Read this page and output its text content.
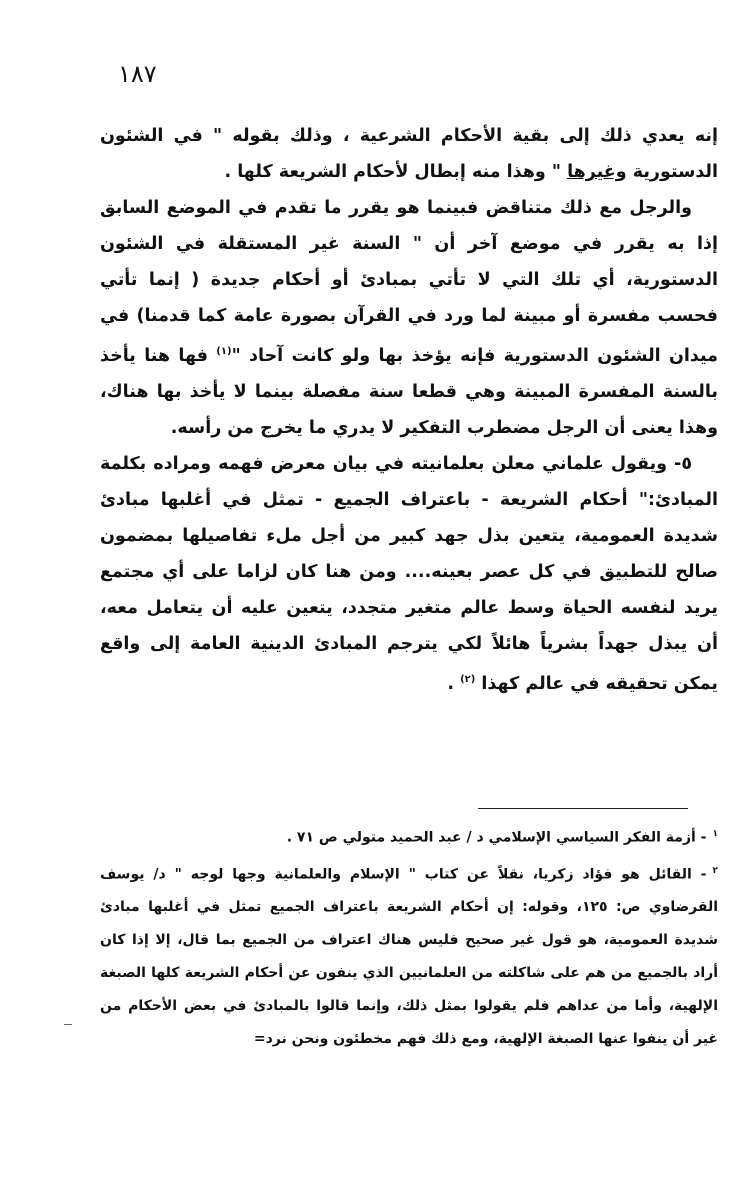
١٨٧

إنه يعدي ذلك إلى بقية الأحكام الشرعية ، وذلك بقوله " في الشئون الدستورية وغيرها " وهذا منه إبطال لأحكام الشريعة كلها .

والرجل مع ذلك متناقض فبينما هو يقرر ما تقدم في الموضع السابق إذا به يقرر في موضع آخر أن " السنة غير المستقلة في الشئون الدستورية، أي تلك التي لا تأتي بمبادئ أو أحكام جديدة ( إنما تأتي فحسب مفسرة أو مبينة لما ورد في القرآن بصورة عامة كما قدمنا) في ميدان الشئون الدستورية فإنه يؤخذ بها ولو كانت آحاد "$^{(١)}$ فها هنا يأخذ بالسنة المفسرة المبينة وهي قطعا سنة مفصلة بينما لا يأخذ بها هناك، وهذا يعنى أن الرجل مضطرب التفكير لا يدري ما يخرج من رأسه.

٥- ويقول علماني معلن بعلمانيته في بيان معرض فهمه ومراده بكلمة المبادئ:" أحكام الشريعة - باعتراف الجميع - تمثل في أغلبها مبادئ شديدة العمومية، يتعين بذل جهد كبير من أجل ملء تفاصيلها بمضمون صالح للتطبيق في كل عصر بعينه.... ومن هنا كان لزاما على أي مجتمع يريد لنفسه الحياة وسط عالم متغير متجدد، يتعين عليه أن يتعامل معه، أن يبذل جهداً بشرياً هائلاً لكي يترجم المبادئ الدينية العامة إلى واقع يمكن تحقيقه في عالم كهذا $^{(٢)}$ .

$^١$- أزمة الفكر السياسي الإسلامي د / عبد الحميد متولي ص ٧١ .

$^٢$- القائل هو فؤاد زكريا، نقلاً عن كتاب " الإسلام والعلمانية وجها لوجه " د/ يوسف القرضاوي ص: ١٢٥، وقوله: إن أحكام الشريعة باعتراف الجميع تمثل في أغلبها مبادئ شديدة العمومية، هو قول غير صحيح فليس هناك اعتراف من الجميع بما قال، إلا إذا كان أراد بالجميع من هم على شاكلته من العلمانيين الذي ينفون عن أحكام الشريعة كلها الصبغة الإلهية، وأما من عداهم فلم يقولوا بمثل ذلك، وإنما قالوا بالمبادئ في بعض الأحكام من غير أن ينفوا عنها الصبغة الإلهية، ومع ذلك فهم مخطئون ونحن نرد=
